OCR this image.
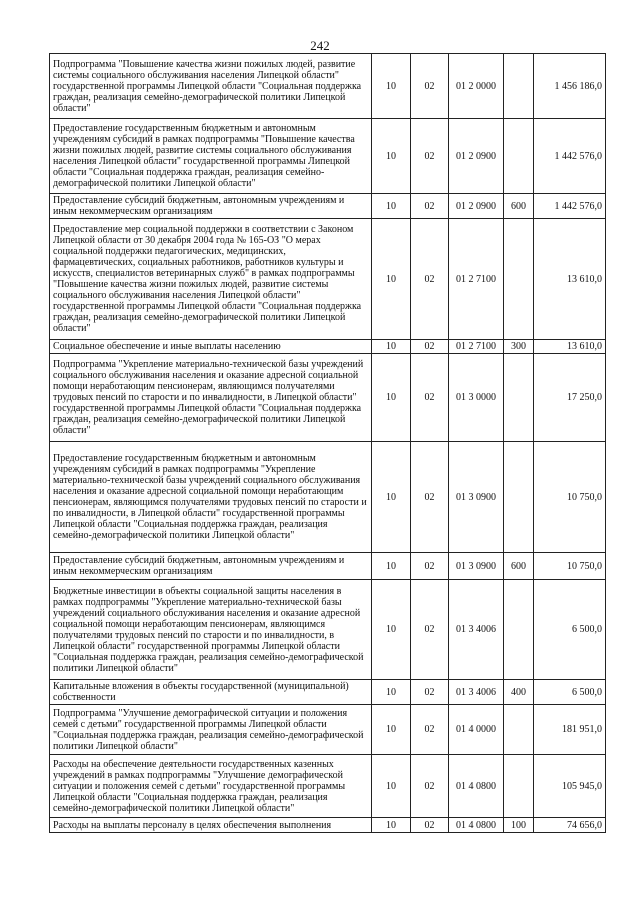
242
Подпрограмма "Повышение качества жизни пожилых людей, развитие системы социального обслуживания населения Липецкой области" государственной программы Липецкой области "Социальная поддержка граждан, реализация семейно-демографической политики Липецкой области"	10	02	01 2 0000		1 456 186,0
Предоставление государственным бюджетным и автономным учреждениям субсидий в рамках подпрограммы "Повышение качества жизни пожилых людей, развитие системы социального обслуживания населения Липецкой области" государственной программы Липецкой области "Социальная поддержка граждан, реализация семейно-демографической политики Липецкой области"	10	02	01 2 0900		1 442 576,0
Предоставление субсидий бюджетным, автономным учреждениям и иным некоммерческим организациям	10	02	01 2 0900	600	1 442 576,0
Предоставление мер социальной поддержки в соответствии с Законом Липецкой области от 30 декабря 2004 года № 165-ОЗ "О мерах социальной поддержки педагогических, медицинских, фармацевтических, социальных работников, работников культуры и искусств, специалистов ветеринарных служб" в рамках подпрограммы "Повышение качества жизни пожилых людей, развитие системы социального обслуживания населения Липецкой области" государственной программы Липецкой области "Социальная поддержка граждан, реализация семейно-демографической политики Липецкой области"	10	02	01 2 7100		13 610,0
Социальное обеспечение и иные выплаты населению	10	02	01 2 7100	300	13 610,0
Подпрограмма "Укрепление материально-технической базы учреждений социального обслуживания населения и оказание адресной социальной помощи неработающим пенсионерам, являющимся получателями трудовых пенсий по старости и по инвалидности, в Липецкой области" государственной программы Липецкой области "Социальная поддержка граждан, реализация семейно-демографической политики Липецкой области"	10	02	01 3 0000		17 250,0
Предоставление государственным бюджетным и автономным учреждениям субсидий в рамках подпрограммы "Укрепление материально-технической базы учреждений социального обслуживания населения и оказание адресной социальной помощи неработающим пенсионерам, являющимся получателями трудовых пенсий по старости и по инвалидности, в Липецкой области" государственной программы Липецкой области "Социальная поддержка граждан, реализация семейно-демографической политики Липецкой области"	10	02	01 3 0900		10 750,0
Предоставление субсидий бюджетным, автономным учреждениям и иным некоммерческим организациям	10	02	01 3 0900	600	10 750,0
Бюджетные инвестиции в объекты социальной защиты населения в рамках подпрограммы "Укрепление материально-технической базы учреждений социального обслуживания населения и оказание адресной социальной помощи неработающим пенсионерам, являющимся получателями трудовых пенсий по старости и по инвалидности, в Липецкой области" государственной программы Липецкой области "Социальная поддержка граждан, реализация семейно-демографической политики Липецкой области"	10	02	01 3 4006		6 500,0
Капитальные вложения в объекты государственной (муниципальной) собственности	10	02	01 3 4006	400	6 500,0
Подпрограмма "Улучшение демографической ситуации и положения семей с детьми" государственной программы Липецкой области "Социальная поддержка граждан, реализация семейно-демографической политики Липецкой области"	10	02	01 4 0000		181 951,0
Расходы на обеспечение деятельности государственных казенных учреждений в рамках подпрограммы "Улучшение демографической ситуации и положения семей с детьми" государственной программы Липецкой области "Социальная поддержка граждан, реализация семейно-демографической политики Липецкой области"	10	02	01 4 0800		105 945,0
Расходы на выплаты персоналу в целях обеспечения выполнения	10	02	01 4 0800	100	74 656,0
